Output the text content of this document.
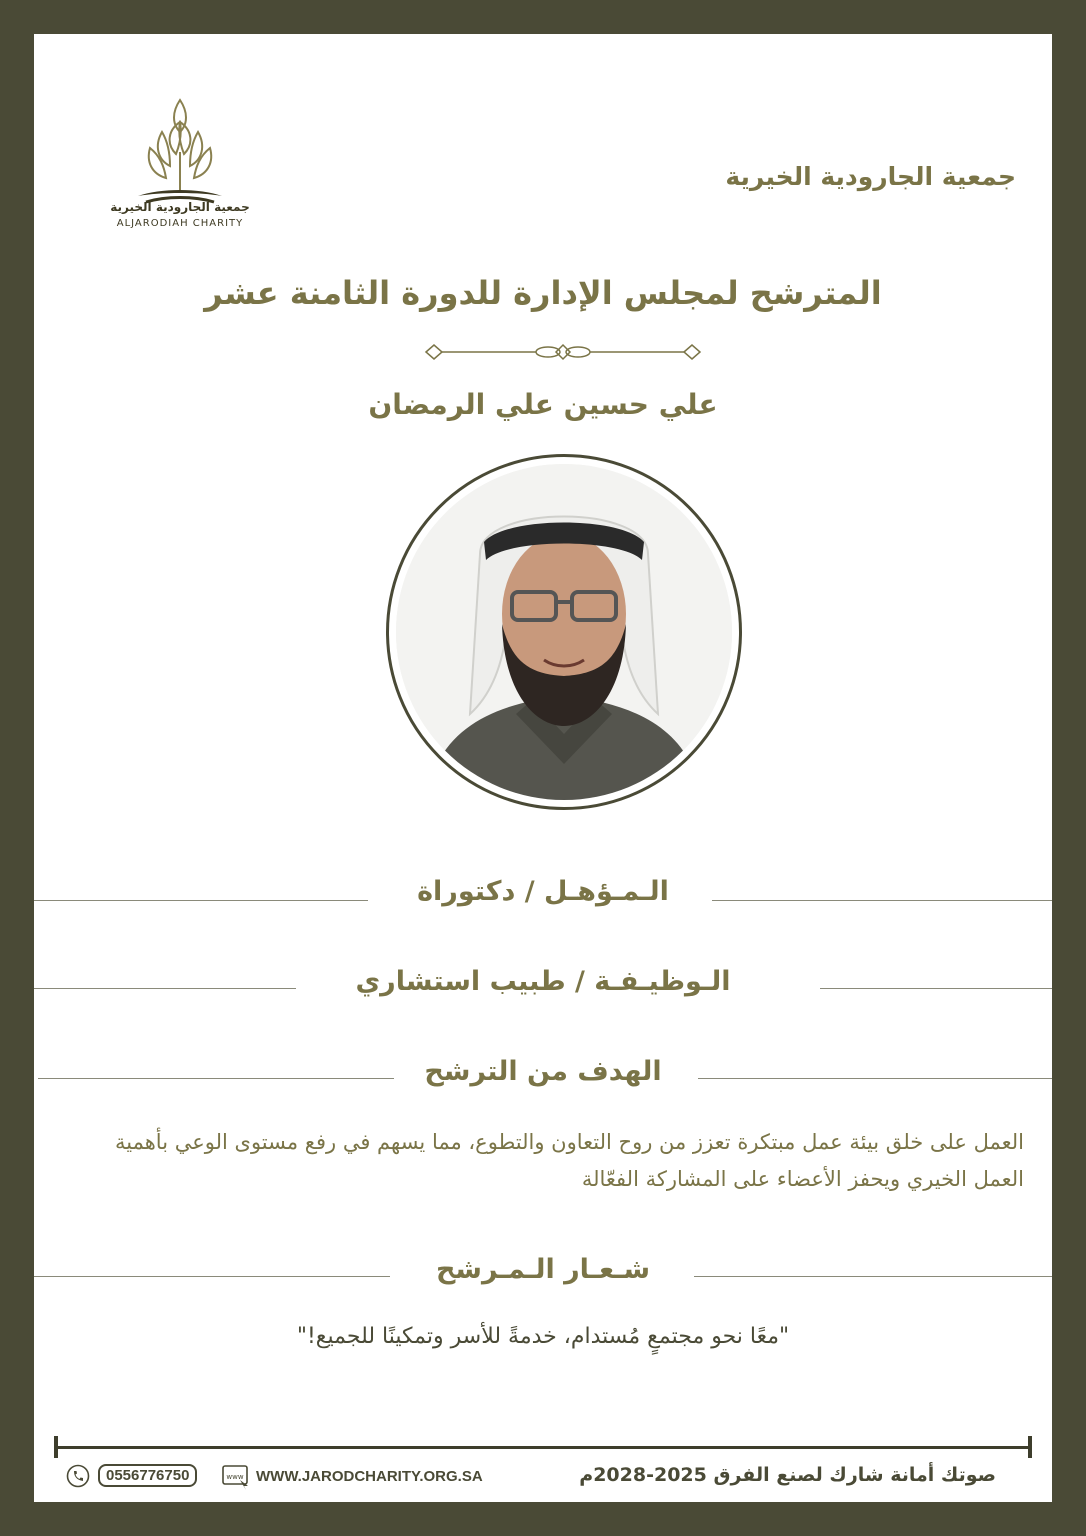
جمعية الجارودية الخيرية
ALJARODIAH CHARITY
جمعية الجارودية الخيرية
المترشح لمجلس الإدارة للدورة الثامنة عشر
علي حسين علي الرمضان
الـمـؤهـل / دكتوراة
الـوظيـفـة / طبيب استشاري
الهدف من الترشح
العمل على خلق بيئة عمل مبتكرة تعزز من روح التعاون والتطوع، مما يسهم في رفع مستوى الوعي بأهمية العمل الخيري ويحفز الأعضاء على المشاركة الفعّالة
شـعـار الـمـرشح
"معًا نحو مجتمعٍ مُستدام، خدمةً للأسر وتمكينًا للجميع!"
صوتك أمانة شارك لصنع الفرق 2025-2028م
www WWW.JARODCHARITY.ORG.SA
0556776750
